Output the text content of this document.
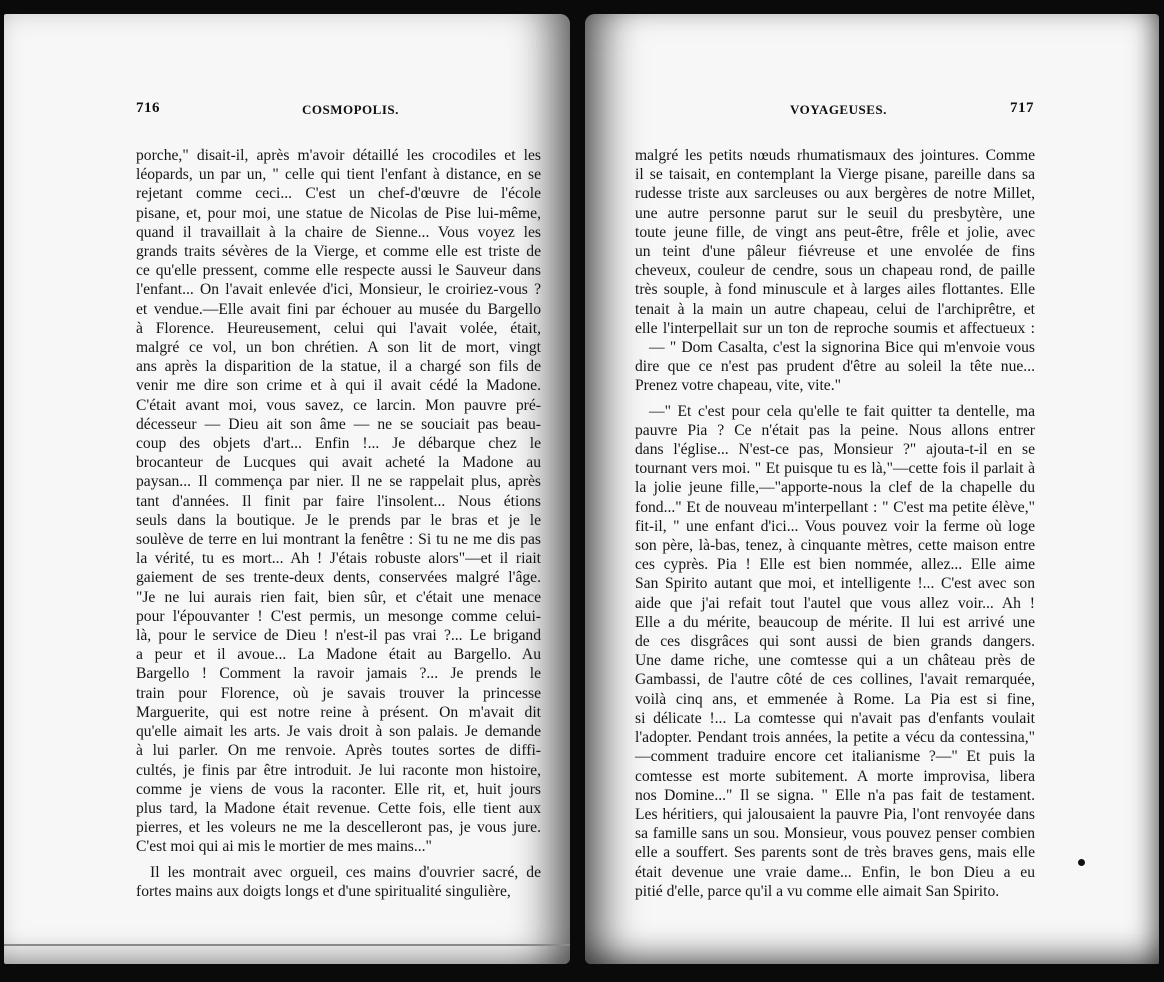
716	COSMOPOLIS.
porche," disait-il, après m'avoir détaillé les crocodiles et les
léopards, un par un, " celle qui tient l'enfant à distance, en se
rejetant comme ceci... C'est un chef-d'œuvre de l'école
pisane, et, pour moi, une statue de Nicolas de Pise lui-même,
quand il travaillait à la chaire de Sienne... Vous voyez les
grands traits sévères de la Vierge, et comme elle est triste de
ce qu'elle pressent, comme elle respecte aussi le Sauveur dans
l'enfant... On l'avait enlevée d'ici, Monsieur, le croiriez-vous ?
et vendue.—Elle avait fini par échouer au musée du Bargello
à Florence. Heureusement, celui qui l'avait volée, était,
malgré ce vol, un bon chrétien. A son lit de mort, vingt
ans après la disparition de la statue, il a chargé son fils de
venir me dire son crime et à qui il avait cédé la Madone.
C'était avant moi, vous savez, ce larcin. Mon pauvre pré-
décesseur — Dieu ait son âme — ne se souciait pas beau-
coup des objets d'art... Enfin !... Je débarque chez le
brocanteur de Lucques qui avait acheté la Madone au
paysan... Il commença par nier. Il ne se rappelait plus, après
tant d'années. Il finit par faire l'insolent... Nous étions
seuls dans la boutique. Je le prends par le bras et je le
soulève de terre en lui montrant la fenêtre : Si tu ne me dis pas
la vérité, tu es mort... Ah ! J'étais robuste alors"—et il riait
gaiement de ses trente-deux dents, conservées malgré l'âge.
"Je ne lui aurais rien fait, bien sûr, et c'était une menace
pour l'épouvanter ! C'est permis, un mesonge comme celui-
là, pour le service de Dieu ! n'est-il pas vrai ?... Le brigand
a peur et il avoue... La Madone était au Bargello. Au
Bargello ! Comment la ravoir jamais ?... Je prends le
train pour Florence, où je savais trouver la princesse
Marguerite, qui est notre reine à présent. On m'avait dit
qu'elle aimait les arts. Je vais droit à son palais. Je demande
à lui parler. On me renvoie. Après toutes sortes de diffi-
cultés, je finis par être introduit. Je lui raconte mon histoire,
comme je viens de vous la raconter. Elle rit, et, huit jours
plus tard, la Madone était revenue. Cette fois, elle tient aux
pierres, et les voleurs ne me la descelleront pas, je vous jure.
C'est moi qui ai mis le mortier de mes mains..."
Il les montrait avec orgueil, ces mains d'ouvrier sacré, de
fortes mains aux doigts longs et d'une spiritualité singulière,
VOYAGEUSES.	717
malgré les petits nœuds rhumatismaux des jointures. Comme
il se taisait, en contemplant la Vierge pisane, pareille dans sa
rudesse triste aux sarcleuses ou aux bergères de notre Millet,
une autre personne parut sur le seuil du presbytère, une
toute jeune fille, de vingt ans peut-être, frêle et jolie, avec
un teint d'une pâleur fiévreuse et une envolée de fins
cheveux, couleur de cendre, sous un chapeau rond, de paille
très souple, à fond minuscule et à larges ailes flottantes. Elle
tenait à la main un autre chapeau, celui de l'archiprêtre, et
elle l'interpellait sur un ton de reproche soumis et affectueux :
— " Dom Casalta, c'est la signorina Bice qui m'envoie vous
dire que ce n'est pas prudent d'être au soleil la tête nue...
Prenez votre chapeau, vite, vite."
—" Et c'est pour cela qu'elle te fait quitter ta dentelle, ma
pauvre Pia ? Ce n'était pas la peine. Nous allons entrer
dans l'église... N'est-ce pas, Monsieur ?" ajouta-t-il en se
tournant vers moi. " Et puisque tu es là,"—cette fois il parlait à
la jolie jeune fille,—"apporte-nous la clef de la chapelle du
fond..." Et de nouveau m'interpellant : " C'est ma petite élève,"
fit-il, " une enfant d'ici... Vous pouvez voir la ferme où loge
son père, là-bas, tenez, à cinquante mètres, cette maison entre
ces cyprès. Pia ! Elle est bien nommée, allez... Elle aime
San Spirito autant que moi, et intelligente !... C'est avec son
aide que j'ai refait tout l'autel que vous allez voir... Ah !
Elle a du mérite, beaucoup de mérite. Il lui est arrivé une
de ces disgrâces qui sont aussi de bien grands dangers.
Une dame riche, une comtesse qui a un château près de
Gambassi, de l'autre côté de ces collines, l'avait remarquée,
voilà cinq ans, et emmenée à Rome. La Pia est si fine,
si délicate !... La comtesse qui n'avait pas d'enfants voulait
l'adopter. Pendant trois années, la petite a vécu da contessina,"
—comment traduire encore cet italianisme ?—" Et puis la
comtesse est morte subitement. A morte improvisa, libera
nos Domine..." Il se signa. " Elle n'a pas fait de testament.
Les héritiers, qui jalousaient la pauvre Pia, l'ont renvoyée dans
sa famille sans un sou. Monsieur, vous pouvez penser combien
elle a souffert. Ses parents sont de très braves gens, mais elle
était devenue une vraie dame... Enfin, le bon Dieu a eu
pitié d'elle, parce qu'il a vu comme elle aimait San Spirito.
